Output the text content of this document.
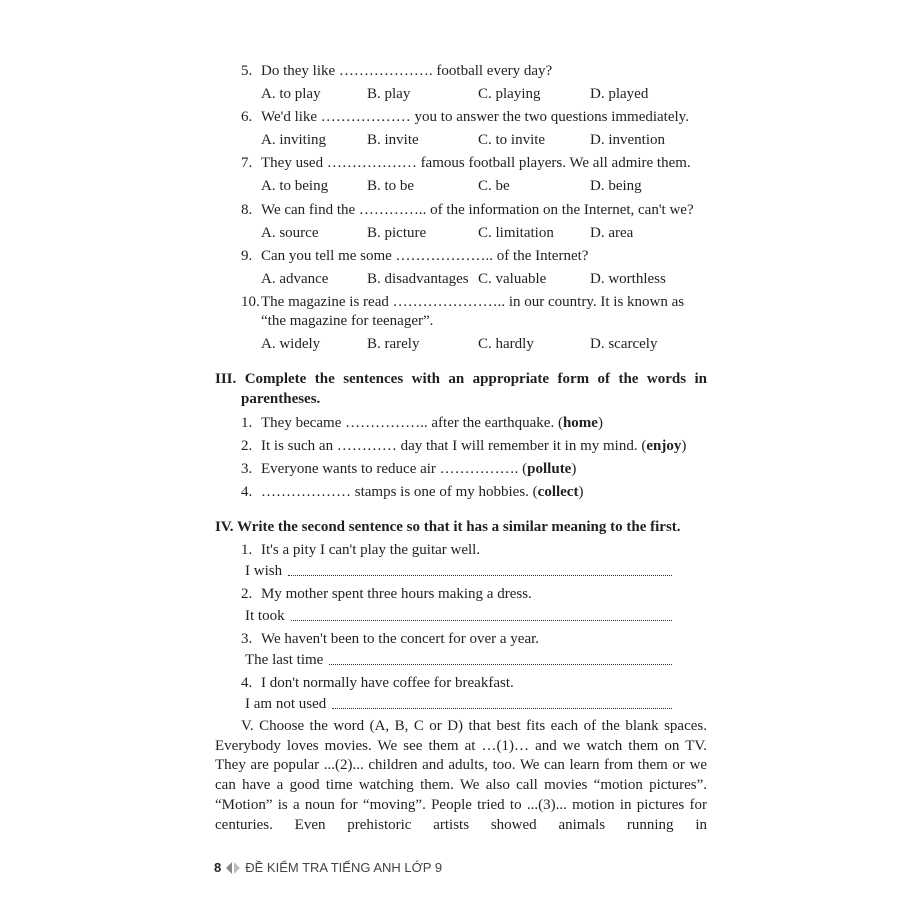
5. Do they like ………………. football every day?
A. to play	B. play	C. playing	D. played
6. We'd like ……………… you to answer the two questions immediately.
A. inviting	B. invite	C. to invite	D. invention
7. They used ……………… famous football players. We all admire them.
A. to being	B. to be	C. be	D. being
8. We can find the ………….. of the information on the Internet, can't we?
A. source	B. picture	C. limitation D. area
9. Can you tell me some ……………….. of the Internet?
A. advance	B. disadvantages C. valuable	D. worthless
10. The magazine is read ………………….. in our country. It is known as
“the magazine for teenager”.
A. widely	B. rarely	C. hardly	D. scarcely
III. Complete the sentences with an appropriate form of the words in
parentheses.
1. They became …………….. after the earthquake. (home)
2. It is such an ………… day that I will remember it in my mind. (enjoy)
3. Everyone wants to reduce air ……………. (pollute)
4. ……………… stamps is one of my hobbies. (collect)
IV. Write the second sentence so that it has a similar meaning to the first.
1. It's a pity I can't play the guitar well.
I wish
2. My mother spent three hours making a dress.
It took
3. We haven't been to the concert for over a year.
The last time
4. I don't normally have coffee for breakfast.
I am not used
V. Choose the word (A, B, C or D) that best fits each of the blank spaces. Everybody loves movies. We see them at …(1)… and we watch them on TV. They are popular ...(2)... children and adults, too. We can learn from them or we can have a good time watching them. We also call movies “motion pictures”. “Motion” is a noun for “moving”. People tried to ...(3)... motion in pictures for centuries. Even prehistoric artists showed animals running in
8 ĐỀ KIỂM TRA TIẾNG ANH LỚP 9
